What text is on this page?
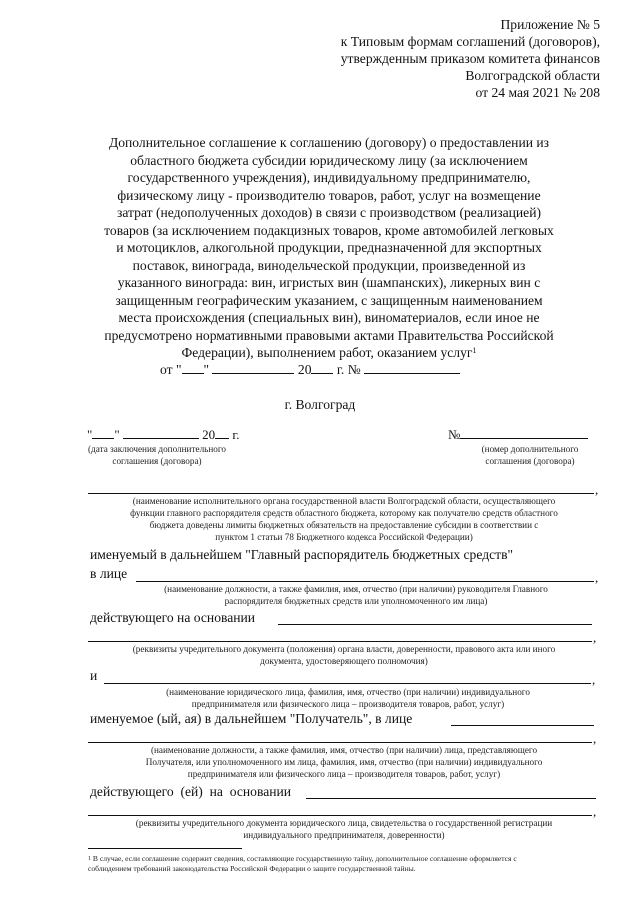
Приложение № 5
к Типовым формам соглашений (договоров),
утвержденным приказом комитета финансов
Волгоградской области
от 24 мая 2021 № 208
Дополнительное соглашение к соглашению (договору) о предоставлении из
областного бюджета субсидии юридическому лицу (за исключением
государственного учреждения), индивидуальному предпринимателю,
физическому лицу - производителю товаров, работ, услуг на возмещение
затрат (недополученных доходов) в связи с производством (реализацией)
товаров (за исключением подакцизных товаров, кроме автомобилей легковых
и мотоциклов, алкогольной продукции, предназначенной для экспортных
поставок, винограда, винодельческой продукции, произведенной из
указанного винограда: вин, игристых вин (шампанских), ликерных вин с
защищенным географическим указанием, с защищенным наименованием
места происхождения (специальных вин), виноматериалов, если иное не
предусмотрено нормативными правовыми актами Правительства Российской
Федерации), выполнением работ, оказанием услуг$^1$
от " "	20 г. №
г. Волгоград
" "	20 г.
(дата заключения дополнительного
соглашения (договора)
№
(номер дополнительного
соглашения (договора)
,
(наименование исполнительного органа государственной власти Волгоградской области, осуществляющего
функции главного распорядителя средств областного бюджета, которому как получателю средств областного
бюджета доведены лимиты бюджетных обязательств на предоставление субсидии в соответствии с
пунктом 1 статьи 78 Бюджетного кодекса Российской Федерации)
именуемый в дальнейшем "Главный распорядитель бюджетных средств"
в лице	,
(наименование должности, а также фамилия, имя, отчество (при наличии) руководителя Главного
распорядителя бюджетных средств или уполномоченного им лица)
действующего на основании
,
(реквизиты учредительного документа (положения) органа власти, доверенности, правового акта или иного
документа, удостоверяющего полномочия)
и	,
(наименование юридического лица, фамилия, имя, отчество (при наличии) индивидуального
предпринимателя или физического лица – производителя товаров, работ, услуг)
именуемое (ый, ая) в дальнейшем "Получатель", в лице
,
(наименование должности, а также фамилия, имя, отчество (при наличии) лица, представляющего
Получателя, или уполномоченного им лица, фамилия, имя, отчество (при наличии) индивидуального
предпринимателя или физического лица – производителя товаров, работ, услуг)
действующего (ей) на основании
,
(реквизиты учредительного документа юридического лица, свидетельства о государственной регистрации
индивидуального предпринимателя, доверенности)
$^1$ В случае, если соглашение содержит сведения, составляющие государственную тайну, дополнительное соглашение оформляется с
соблюдением требований законодательства Российской Федерации о защите государственной тайны.
